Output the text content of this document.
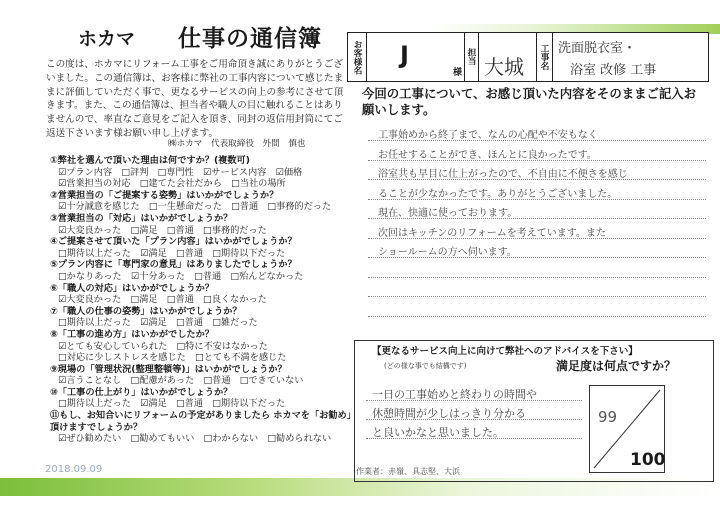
ホカマ 仕事の通信簿
この度は、ホカマにリフォーム工事をご用命頂き誠にありがとうございました。この通信簿は、お客様に弊社の工事内容について感じたままに評価していただく事で、更なるサービスの向上の参考にさせて頂きます。また、この通信簿は、担当者や職人の目に触れることはありませんので、率直なご意見をご記入を頂き、同封の返信用封筒にてご返送下さいます様お願い申し上げます。
㈱ホカマ　代表取締役　外間　慎也
①弊社を選んで頂いた理由は何ですか？(複数可)
☑プラン内容　□評判　□専門性　☑サービス内容　☑価格
☑営業担当の対応　□建てた会社だから　□当社の場所
②営業担当の「ご提案する姿勢」はいかがでしょうか？
☑十分誠意を感じた　□一生懸命だった　□普通　□事務的だった
③営業担当の「対応」はいかがでしょうか？
☑大変良かった　□満足　□普通　□事務的だった
④ご提案させて頂いた「プラン内容」はいかがでしょうか？
□期待以上だった　☑満足　□普通　□期待以下だった
⑤プラン内容に「専門家の意見」はありましたでしょうか？
□かなりあった　☑十分あった　□普通　□殆んどなかった
⑥「職人の対応」はいかがでしょうか？
☑大変良かった　□満足　□普通　□良くなかった
⑦「職人の仕事の姿勢」はいかがでしょうか？
□期待以上だった　☑満足　□普通　□雑だった
⑧「工事の進め方」はいかがでしたか？
☑とても安心していられた　□特に不安はなかった
□対応に少しストレスを感じた　□とても不満を感じた
⑨現場の「管理状況(整理整頓等)」はいかがでしょうか？
☑言うことなし　□配慮があった　□普通　□できていない
⑩「工事の仕上がり」はいかがでしょうか？
□期待以上だった　☑満足　□普通　□期待以下だった
⑪もし、お知合いにリフォームの予定がありましたら ホカマを「お勧め」頂けますでしょうか？
☑ぜひ勧めたい　□勧めてもいい　□わからない　□勧められない
お客様名 J
様
担当 大城	工事名 洗面脱衣室・
浴室 改修 工事
今回の工事について、お感じ頂いた内容をそのままご記入お願いします。
工事始めから終了まで、なんの心配や不安もなく
お任せすることができ、ほんとに良かったです。
浴室共も早目に仕上がったので、不自由に不便さを感じ
ることが少なかったです。ありがとうございました。
現在、快適に使っております。
次回はキッチンのリフォームを考えています。また
ショールームの方へ伺います。
【更なるサービス向上に向けて弊社へのアドバイスを下さい】
(どの様な事でも結構です)	満足度は何点ですか？
一日の工事始めと終わりの時間や
休憩時間が少しはっきり分かる
と良いかなと思いました。
99
100
作業者：赤嶺、具志堅、大浜
2018.09.09
